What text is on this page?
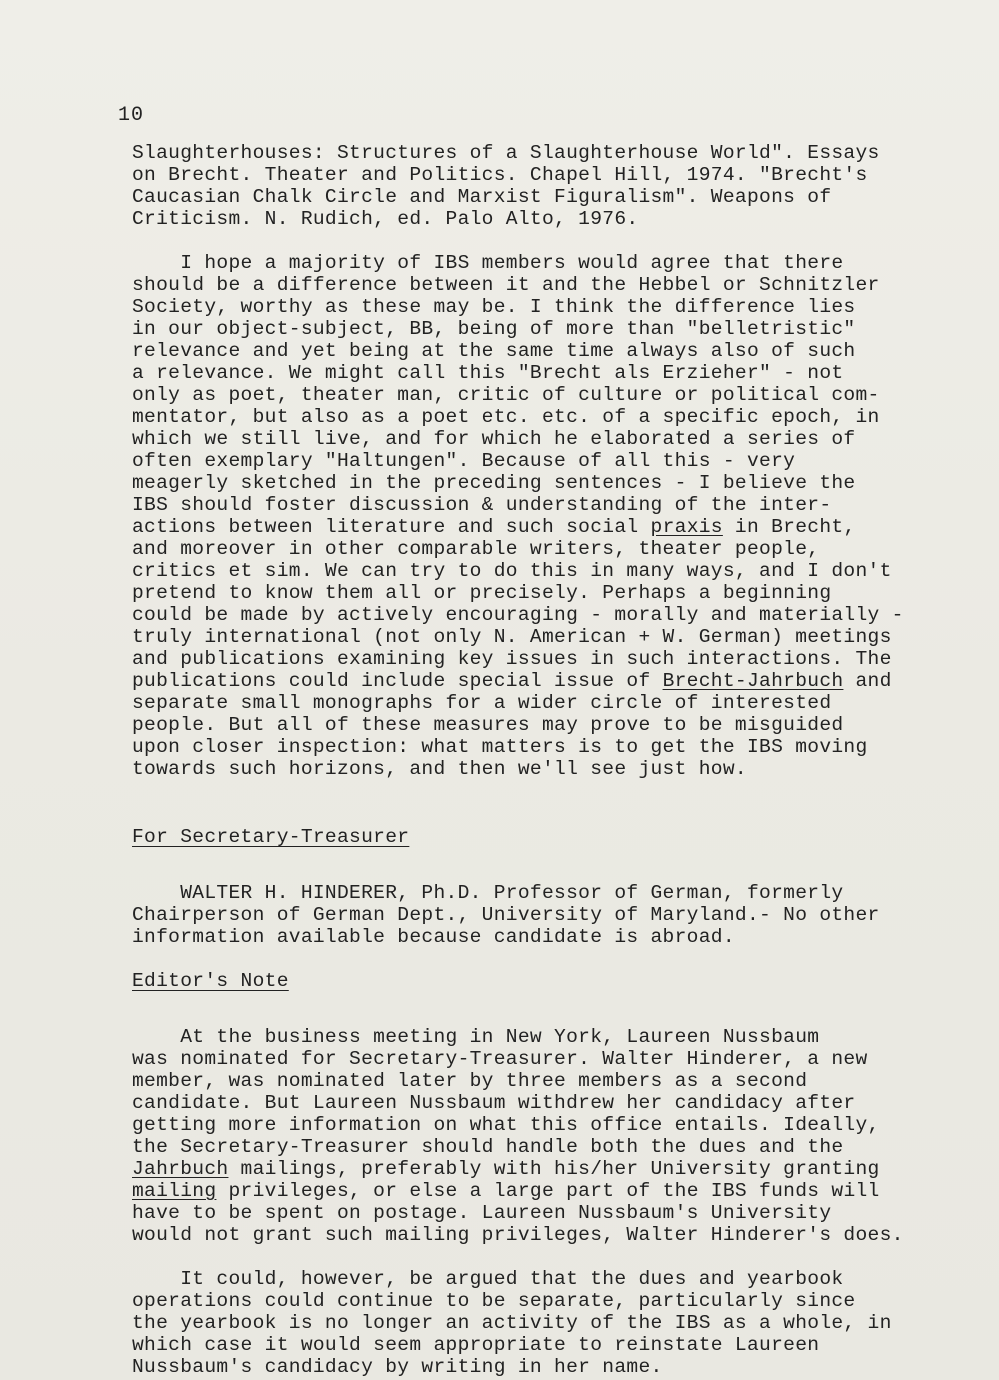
10
Slaughterhouses: Structures of a Slaughterhouse World". Essays
on Brecht. Theater and Politics. Chapel Hill, 1974. "Brecht's
Caucasian Chalk Circle and Marxist Figuralism". Weapons of
Criticism. N. Rudich, ed. Palo Alto, 1976.
I hope a majority of IBS members would agree that there
should be a difference between it and the Hebbel or Schnitzler
Society, worthy as these may be. I think the difference lies
in our object-subject, BB, being of more than "belletristic"
relevance and yet being at the same time always also of such
a relevance. We might call this "Brecht als Erzieher" - not
only as poet, theater man, critic of culture or political com-
mentator, but also as a poet etc. etc. of a specific epoch, in
which we still live, and for which he elaborated a series of
often exemplary "Haltungen". Because of all this - very
meagerly sketched in the preceding sentences - I believe the
IBS should foster discussion & understanding of the inter-
actions between literature and such social praxis in Brecht,
and moreover in other comparable writers, theater people,
critics et sim. We can try to do this in many ways, and I don't
pretend to know them all or precisely. Perhaps a beginning
could be made by actively encouraging - morally and materially -
truly international (not only N. American + W. German) meetings
and publications examining key issues in such interactions. The
publications could include special issue of Brecht-Jahrbuch and
separate small monographs for a wider circle of interested
people. But all of these measures may prove to be misguided
upon closer inspection: what matters is to get the IBS moving
towards such horizons, and then we'll see just how.
For Secretary-Treasurer
WALTER H. HINDERER, Ph.D. Professor of German, formerly
Chairperson of German Dept., University of Maryland.- No other
information available because candidate is abroad.
Editor's Note
At the business meeting in New York, Laureen Nussbaum
was nominated for Secretary-Treasurer. Walter Hinderer, a new
member, was nominated later by three members as a second
candidate. But Laureen Nussbaum withdrew her candidacy after
getting more information on what this office entails. Ideally,
the Secretary-Treasurer should handle both the dues and the
Jahrbuch mailings, preferably with his/her University granting
mailing privileges, or else a large part of the IBS funds will
have to be spent on postage. Laureen Nussbaum's University
would not grant such mailing privileges, Walter Hinderer's does.
It could, however, be argued that the dues and yearbook
operations could continue to be separate, particularly since
the yearbook is no longer an activity of the IBS as a whole, in
which case it would seem appropriate to reinstate Laureen
Nussbaum's candidacy by writing in her name.
